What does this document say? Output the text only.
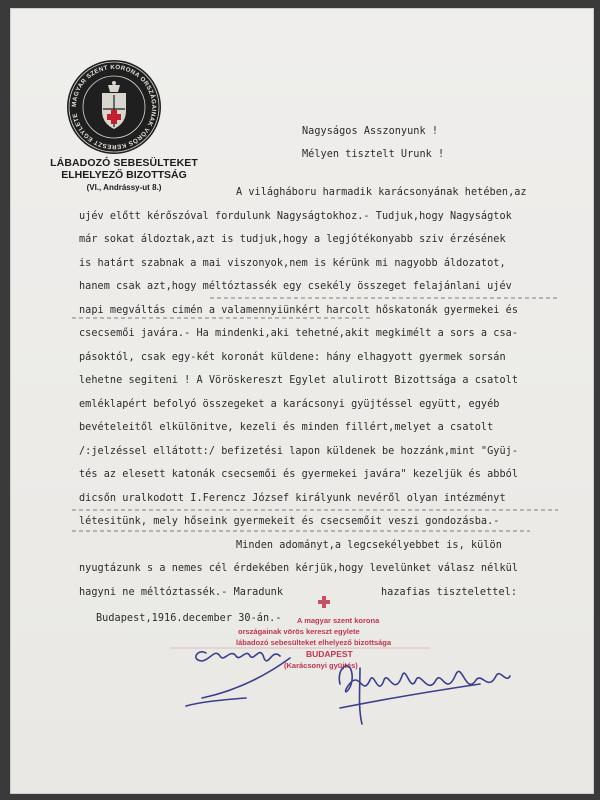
MAGYAR SZENT KORONA ORSZÁGAINAK VÖRÖS KERESZT EGYLETE
LÁBADOZÓ SEBESÜLTEKET
ELHELYEZŐ BIZOTTSÁG
(VI., Andrássy-ut 8.)
Nagyságos Asszonyunk !
Mélyen tisztelt Urunk !
A világháboru harmadik karácsonyának hetében,az
ujév előtt kérőszóval fordulunk Nagyságtokhoz.- Tudjuk,hogy Nagyságtok
már sokat áldoztak,azt is tudjuk,hogy a legjótékonyabb sziv érzésének
is határt szabnak a mai viszonyok,nem is kérünk mi nagyobb áldozatot,
hanem csak azt,hogy méltóztassék egy csekély összeget felajánlani ujév
napi megváltás cimén a valamennyiünkért harcolt hőskatonák gyermekei és
csecsemői javára.- Ha mindenki,aki tehetné,akit megkimélt a sors a csa-
pásoktól, csak egy-két koronát küldene: hány elhagyott gyermek sorsán
lehetne segiteni ! A Vöröskereszt Egylet alulirott Bizottsága a csatolt
emléklapért befolyó összegeket a karácsonyi gyüjtéssel együtt, egyéb
bevételeitől elkülönitve, kezeli és minden fillért,melyet a csatolt
/:jelzéssel ellátott:/ befizetési lapon küldenek be hozzánk,mint "Gyüj-
tés az elesett katonák csecsemői és gyermekei javára" kezeljük és abból
dicsőn uralkodott I.Ferencz József királyunk nevéről olyan intézményt
létesitünk, mely hőseink gyermekeit és csecsemőit veszi gondozásba.-
Minden adományt,a legcsekélyebbet is, külön
nyugtázunk s a nemes cél érdekében kérjük,hogy levelünket válasz nélkül
hagyni ne méltóztassék.- Maradunk	hazafias tisztelettel:
Budapest,1916.december 30-án.- A magyar szent korona
országainak vörös kereszt egylete
lábadozó sebesülteket elhelyező bizottsága
BUDAPEST
(Karácsonyi gyüjtés)
